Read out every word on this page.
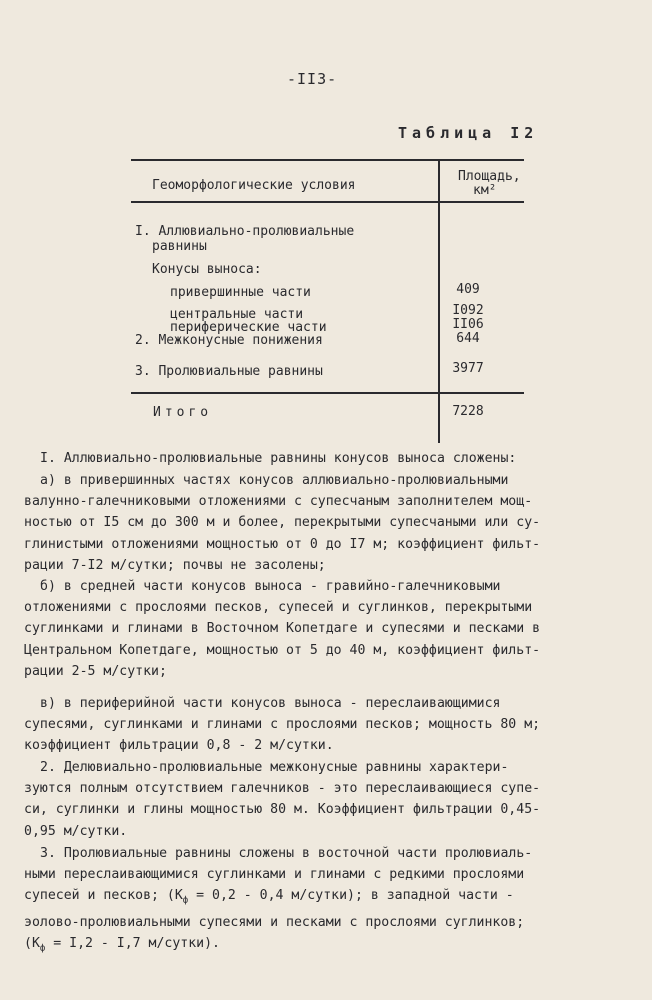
-II3-
Таблица I2
Геоморфологические условия
Площадь,
км²
I. Аллювиально-пролювиальные
равнины
Конусы выноса:
привершинные части	409
центральные части	I092
периферические части	II06
2. Межконусные понижения	644
3. Пролювиальные равнины	3977
Итого	7228

I. Аллювиально-пролювиальные равнины конусов выноса сложены:

а) в привершинных частях конусов аллювиально-пролювиальными
валунно-галечниковыми отложениями с супесчаным заполнителем мощ-
ностью от I5 см до 300 м и более, перекрытыми супесчаными или су-
глинистыми отложениями мощностью от 0 до I7 м; коэффициент фильт-
рации 7-I2 м/сутки; почвы не засолены;

б) в средней части конусов выноса - гравийно-галечниковыми
отложениями с прослоями песков, супесей и суглинков, перекрытыми
суглинками и глинами в Восточном Копетдаге и супесями и песками в
Центральном Копетдаге, мощностью от 5 до 40 м, коэффициент фильт-
рации 2-5 м/сутки;

в) в периферийной части конусов выноса - переслаивающимися
супесями, суглинками и глинами с прослоями песков; мощность 80 м;
коэффициент фильтрации 0,8 - 2 м/сутки.

2. Делювиально-пролювиальные межконусные равнины характери-
зуются полным отсутствием галечников - это переслаивающиеся супе-
си, суглинки и глины мощностью 80 м. Коэффициент фильтрации 0,45-
0,95 м/сутки.

3. Пролювиальные равнины сложены в восточной части пролювиаль-
ными переслаивающимися суглинками и глинами с редкими прослоями
супесей и песков; ($К_ф = 0,2 - 0,4$ м/сутки); в западной части -
эолово-пролювиальными супесями и песками с прослоями суглинков;
($К_ф = I,2 - I,7$ м/сутки).
